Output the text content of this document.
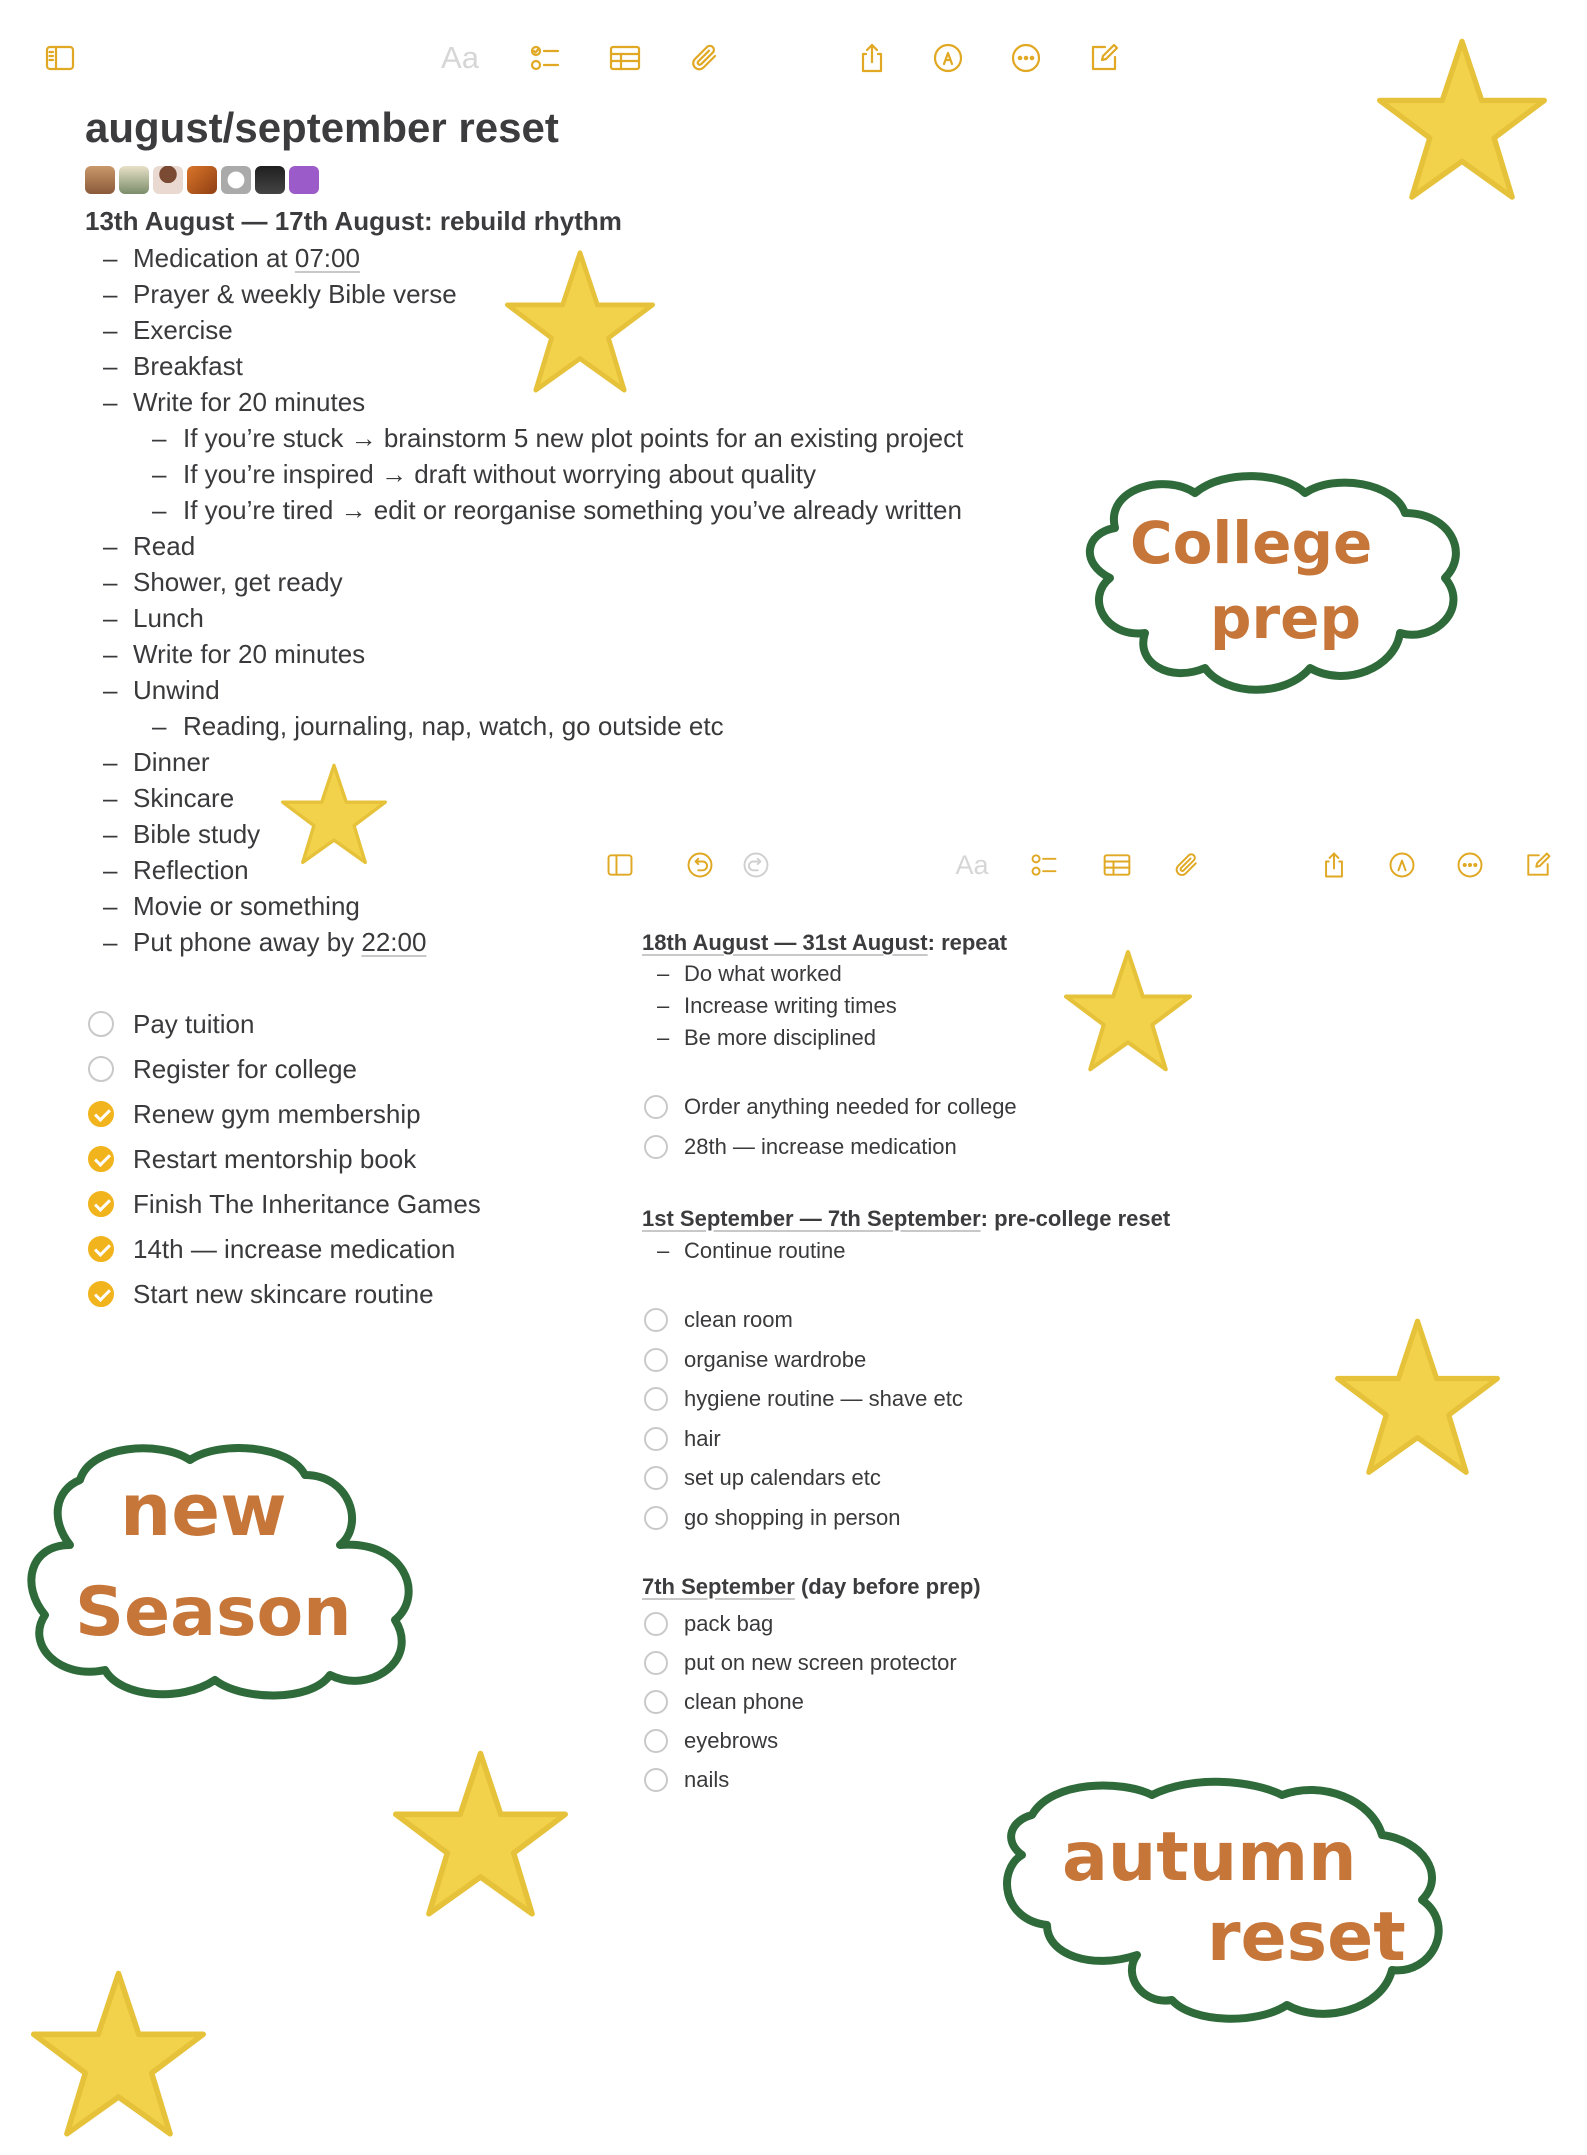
Aa
august/september reset
13th August — 17th August: rebuild rhythm
– Medication at 07:00
– Prayer & weekly Bible verse
– Exercise
– Breakfast
– Write for 20 minutes
– If you’re stuck → brainstorm 5 new plot points for an existing project
– If you’re inspired → draft without worrying about quality
– If you’re tired → edit or reorganise something you’ve already written
– Read
– Shower, get ready
– Lunch
– Write for 20 minutes
– Unwind
– Reading, journaling, nap, watch, go outside etc
– Dinner
– Skincare
– Bible study
– Reflection
– Movie or something
– Put phone away by 22:00
Pay tuition
Register for college
Renew gym membership
Restart mentorship book
Finish The Inheritance Games
14th — increase medication
Start new skincare routine
Aa
18th August — 31st August: repeat
– Do what worked
– Increase writing times
– Be more disciplined
Order anything needed for college
28th — increase medication
1st September — 7th September: pre-college reset
– Continue routine
clean room
organise wardrobe
hygiene routine — shave etc
hair
set up calendars etc
go shopping in person
7th September (day before prep)
pack bag
put on new screen protector
clean phone
eyebrows
nails
College
prep
new
Season
autumn
reset
